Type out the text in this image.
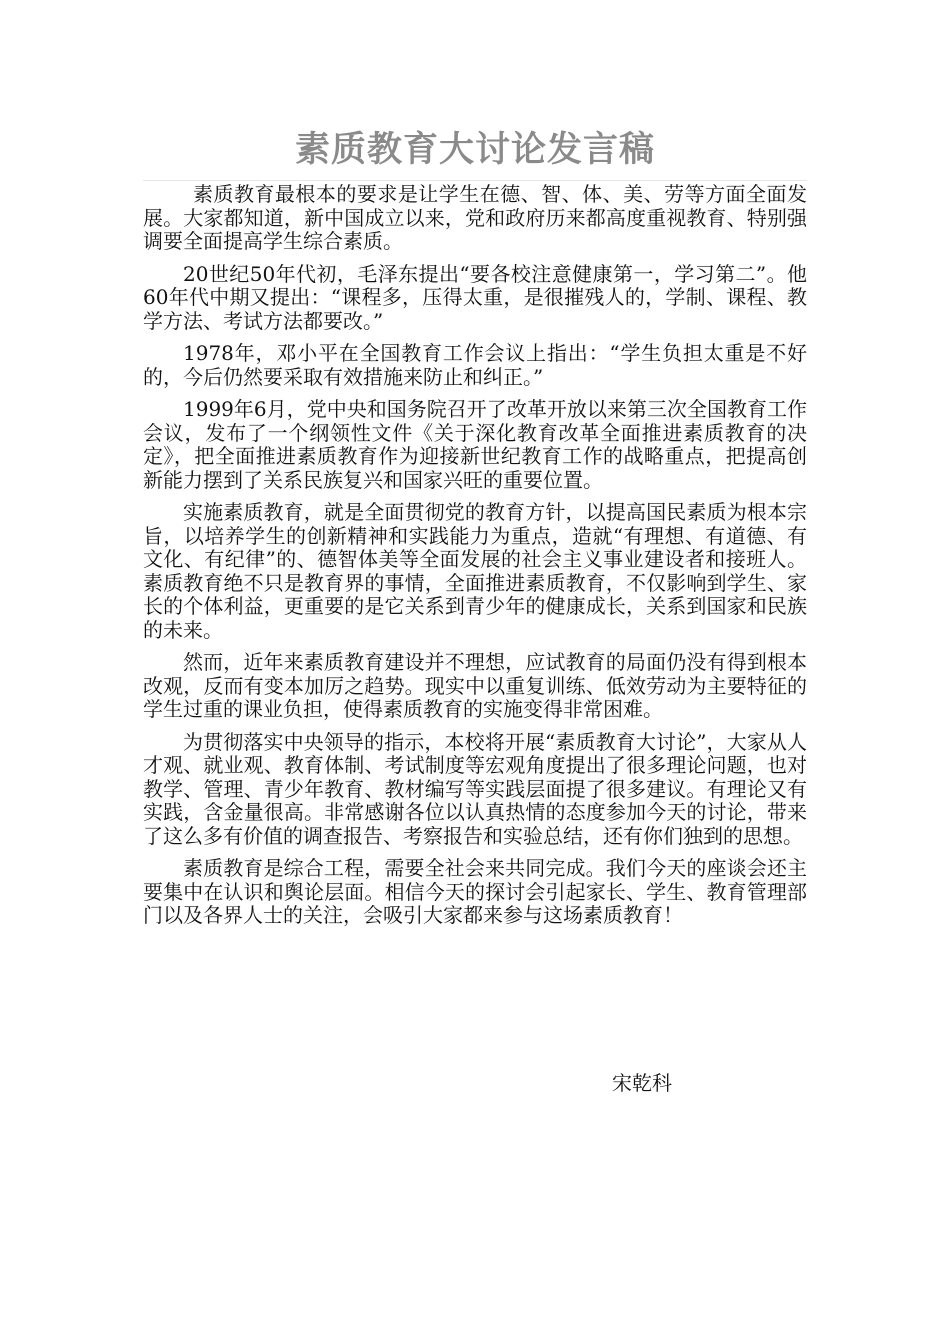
素质教育大讨论发言稿

素质教育最根本的要求是让学生在德、智、体、美、劳等方面全面发展。大家都知道，新中国成立以来，党和政府历来都高度重视教育、特别强调要全面提高学生综合素质。

20世纪50年代初，毛泽东提出“要各校注意健康第一，学习第二”。他60年代中期又提出：“课程多，压得太重，是很摧残人的，学制、课程、教学方法、考试方法都要改。”

1978年，邓小平在全国教育工作会议上指出：“学生负担太重是不好的，今后仍然要采取有效措施来防止和纠正。”

1999年6月，党中央和国务院召开了改革开放以来第三次全国教育工作会议，发布了一个纲领性文件《关于深化教育改革全面推进素质教育的决定》，把全面推进素质教育作为迎接新世纪教育工作的战略重点，把提高创新能力摆到了关系民族复兴和国家兴旺的重要位置。

实施素质教育，就是全面贯彻党的教育方针，以提高国民素质为根本宗旨，以培养学生的创新精神和实践能力为重点，造就“有理想、有道德、有文化、有纪律”的、德智体美等全面发展的社会主义事业建设者和接班人。素质教育绝不只是教育界的事情，全面推进素质教育，不仅影响到学生、家长的个体利益，更重要的是它关系到青少年的健康成长，关系到国家和民族的未来。

然而，近年来素质教育建设并不理想，应试教育的局面仍没有得到根本改观，反而有变本加厉之趋势。现实中以重复训练、低效劳动为主要特征的学生过重的课业负担，使得素质教育的实施变得非常困难。

为贯彻落实中央领导的指示，本校将开展“素质教育大讨论”，大家从人才观、就业观、教育体制、考试制度等宏观角度提出了很多理论问题，也对教学、管理、青少年教育、教材编写等实践层面提了很多建议。有理论又有实践，含金量很高。非常感谢各位以认真热情的态度参加今天的讨论，带来了这么多有价值的调查报告、考察报告和实验总结，还有你们独到的思想。

素质教育是综合工程，需要全社会来共同完成。我们今天的座谈会还主要集中在认识和舆论层面。相信今天的探讨会引起家长、学生、教育管理部门以及各界人士的关注，会吸引大家都来参与这场素质教育！

宋乾科
